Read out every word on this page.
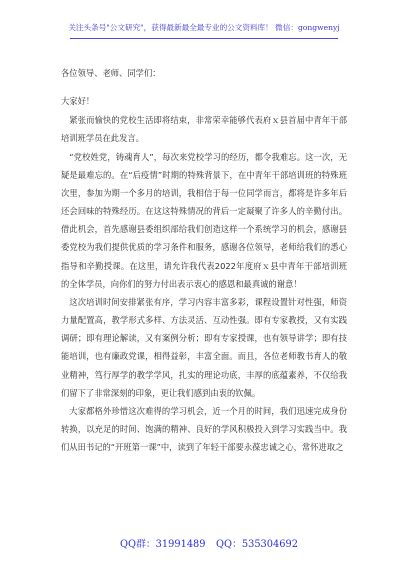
关注头条号"公文研究"，获得最新最全最专业的公文资料库！ 微信：gongwenyj

各位领导、老师、同学们：

大家好！

紧张而愉快的党校生活即将结束，非常荣幸能够代表府ｘ县首届中青年干部培训班学员在此发言。

“党校姓党，铸魂育人”，每次来党校学习的经历，都令我难忘。这一次，无疑是最难忘的。在“后疫情”时期的特殊背景下，在中青年干部培训班的特殊班次里，参加为期一个多月的培训，我相信于每一位同学而言，都将是许多年后还会回味的特殊经历。在这这特殊情况的背后一定凝聚了许多人的辛勤付出。借此机会，首先感谢县委组织部给我们创造这样一个系统学习的机会，感谢县委党校为我们提供优质的学习条件和服务，感谢各位领导，老师给我们的悉心指导和辛勤授课。在这里，请允许我代表2022年度府ｘ县中青年干部培训班的全体学员，向你们的努力付出表示衷心的感恩和最真诚的谢意！

这次培训时间安排紧张有序，学习内容丰富多彩，课程设置针对性强，师资力量配置高，教学形式多样、方法灵活、互动性强。即有专家教授，又有实践调研；即有理论解读，又有案例分析；即有专家授课，也有领导讲学；即有技能培训，也有廉政党课，相得益彰，丰富全面。而且，各位老师教书育人的敬业精神，笃行厚学的教学学风，扎实的理论功底，丰厚的底蕴素养，不仅给我们留下了非常深刻的印象，更让我们感到由衷的钦佩。

大家都格外珍惜这次难得的学习机会，近一个月的时间，我们迅速完成身份转换，以充足的时间、饱满的精神、良好的学风积极投入到学习实践当中。我们从田书记的“开班第一课”中，读到了年轻干部要永葆忠诚之心，常怀进取之

QQ群：31991489 QQ：535304692
